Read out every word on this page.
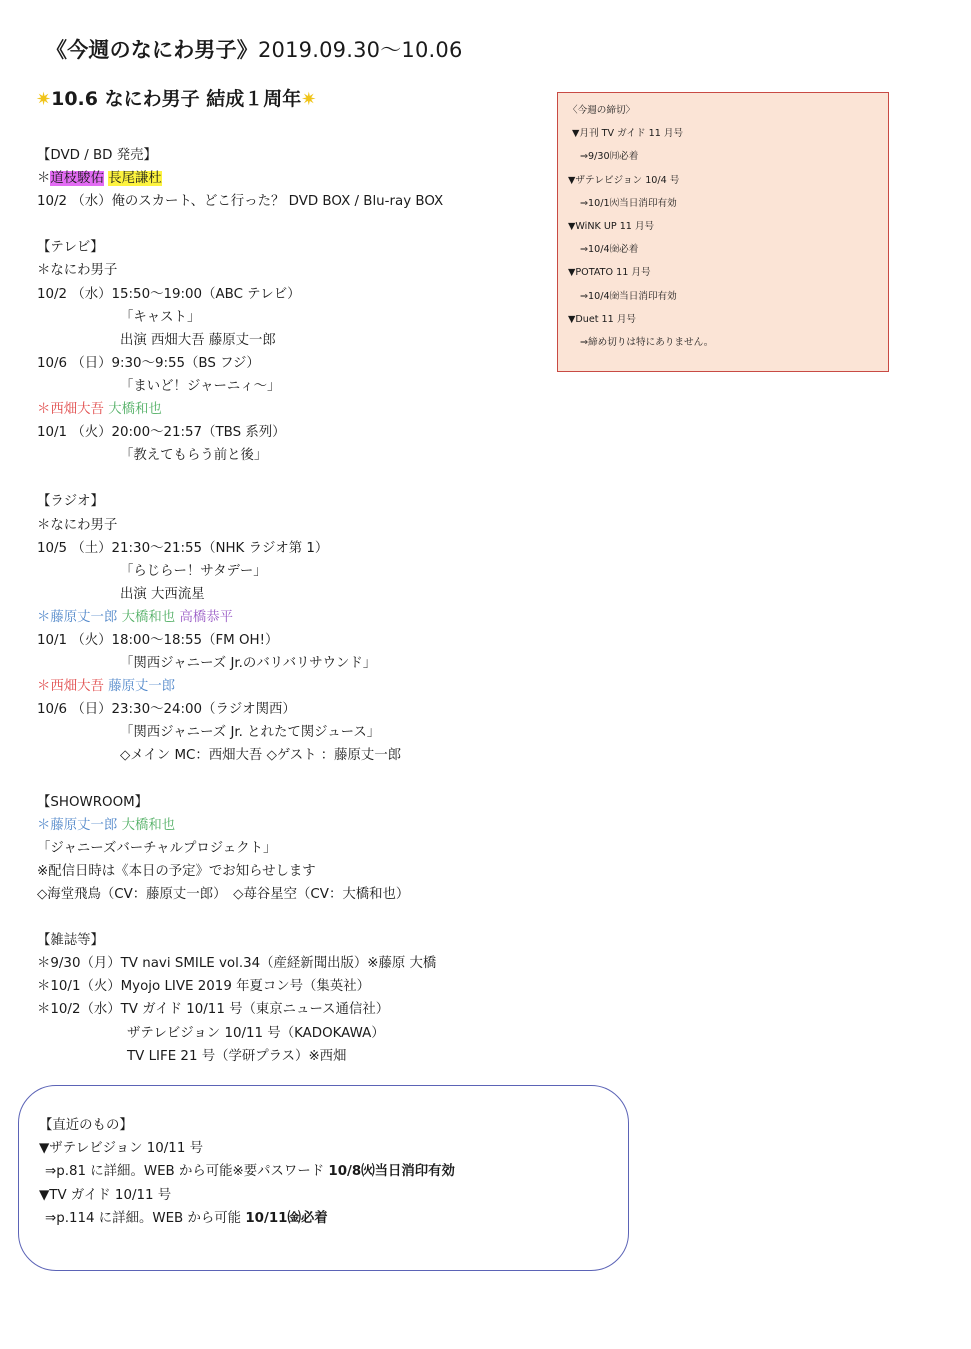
《今週のなにわ男子》2019.09.30〜10.06
✷10.6 なにわ男子 結成１周年✷
【DVD / BD 発売】
＊道枝駿佑 長尾謙杜
10/2 （水）俺のスカート、どこ行った？ DVD BOX / Blu-ray BOX
【テレビ】
＊なにわ男子
10/2 （水）15:50〜19:00（ABC テレビ）
「キャスト」
出演 西畑大吾 藤原丈一郎
10/6 （日）9:30〜9:55（BS フジ）
「まいど！ジャーニィ〜」
＊西畑大吾 大橋和也
10/1 （火）20:00〜21:57（TBS 系列）
「教えてもらう前と後」
【ラジオ】
＊なにわ男子
10/5 （土）21:30〜21:55（NHK ラジオ第 1）
「らじらー！サタデー」
出演 大西流星
＊藤原丈一郎 大橋和也 高橋恭平
10/1 （火）18:00〜18:55（FM OH!）
「関西ジャニーズ Jr.のバリバリサウンド」
＊西畑大吾 藤原丈一郎
10/6 （日）23:30〜24:00（ラジオ関西）
「関西ジャニーズ Jr. とれたて関ジュース」
◇メイン MC：西畑大吾 ◇ゲスト ：藤原丈一郎
【SHOWROOM】
＊藤原丈一郎 大橋和也
「ジャニーズバーチャルプロジェクト」
※配信日時は《本日の予定》でお知らせします
◇海堂飛鳥（CV：藤原丈一郎）　◇苺谷星空（CV：大橋和也）
【雑誌等】
＊9/30（月）TV navi SMILE vol.34（産経新聞出版）※藤原 大橋
＊10/1（火）Myojo LIVE 2019 年夏コン号（集英社）
＊10/2（水）TV ガイド 10/11 号（東京ニュース通信社）
ザテレビジョン 10/11 号（KADOKAWA）
TV LIFE 21 号（学研プラス）※西畑
〈今週の締切〉
▼月刊 TV ガイド 11 月号
⇒9/30㈪必着
▼ザテレビジョン 10/4 号
⇒10/1㈫当日消印有効
▼WiNK UP 11 月号
⇒10/4㈮必着
▼POTATO 11 月号
⇒10/4㈮当日消印有効
▼Duet 11 月号
⇒締め切りは特にありません。
【直近のもの】
▼ザテレビジョン 10/11 号
⇒p.81 に詳細。WEB から可能※要パスワード 10/8㈫当日消印有効
▼TV ガイド 10/11 号
⇒p.114 に詳細。WEB から可能 10/11㈮必着
